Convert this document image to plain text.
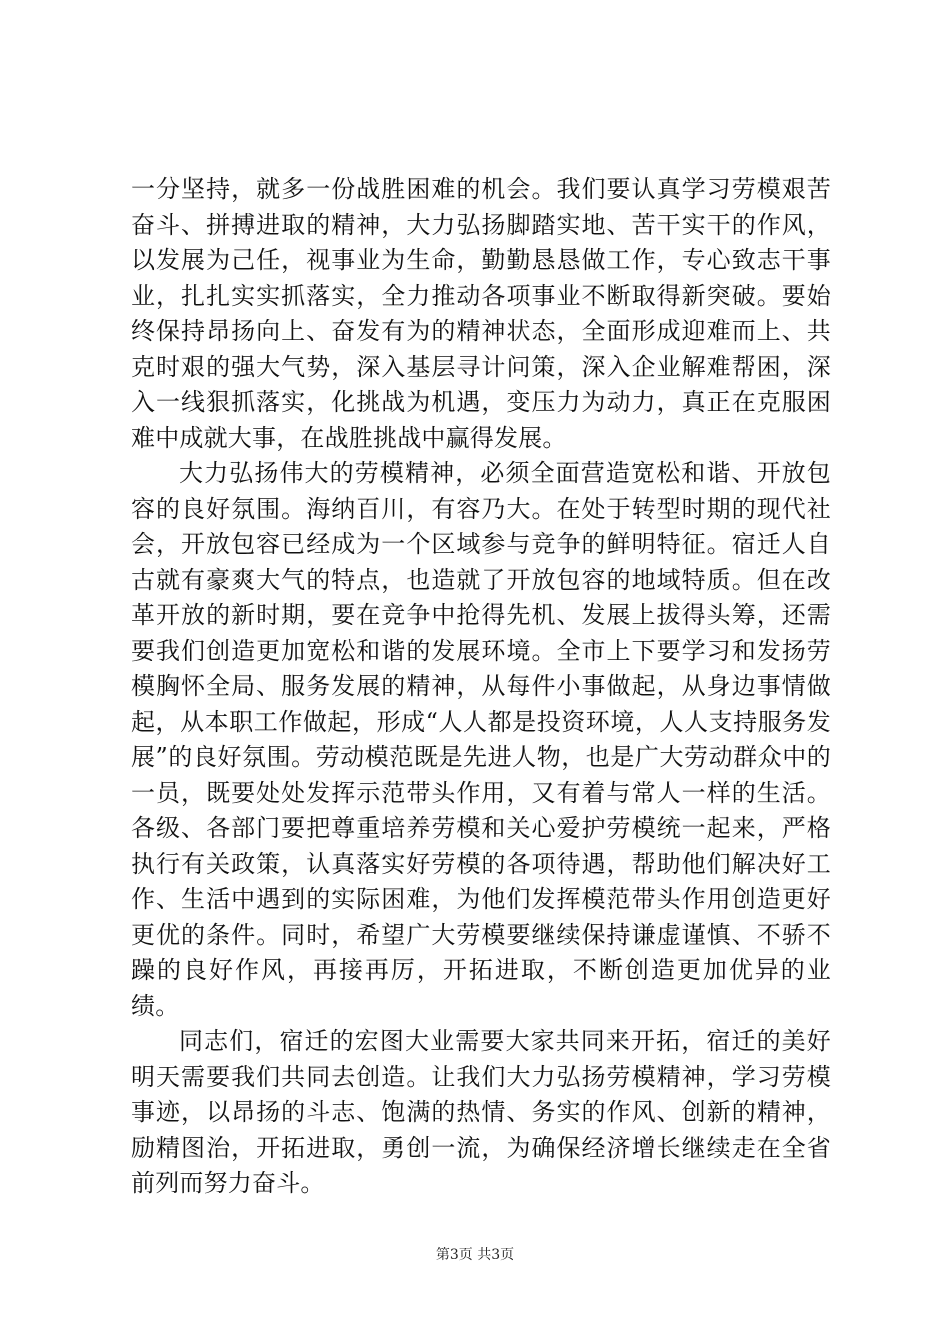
一分坚持，就多一份战胜困难的机会。我们要认真学习劳模艰苦奋斗、拼搏进取的精神，大力弘扬脚踏实地、苦干实干的作风，以发展为己任，视事业为生命，勤勤恳恳做工作，专心致志干事业，扎扎实实抓落实，全力推动各项事业不断取得新突破。要始终保持昂扬向上、奋发有为的精神状态，全面形成迎难而上、共克时艰的强大气势，深入基层寻计问策，深入企业解难帮困，深入一线狠抓落实，化挑战为机遇，变压力为动力，真正在克服困难中成就大事，在战胜挑战中赢得发展。

大力弘扬伟大的劳模精神，必须全面营造宽松和谐、开放包容的良好氛围。海纳百川，有容乃大。在处于转型时期的现代社会，开放包容已经成为一个区域参与竞争的鲜明特征。宿迁人自古就有豪爽大气的特点，也造就了开放包容的地域特质。但在改革开放的新时期，要在竞争中抢得先机、发展上拔得头筹，还需要我们创造更加宽松和谐的发展环境。全市上下要学习和发扬劳模胸怀全局、服务发展的精神，从每件小事做起，从身边事情做起，从本职工作做起，形成“人人都是投资环境，人人支持服务发展”的良好氛围。劳动模范既是先进人物，也是广大劳动群众中的一员，既要处处发挥示范带头作用，又有着与常人一样的生活。各级、各部门要把尊重培养劳模和关心爱护劳模统一起来，严格执行有关政策，认真落实好劳模的各项待遇，帮助他们解决好工作、生活中遇到的实际困难，为他们发挥模范带头作用创造更好更优的条件。同时，希望广大劳模要继续保持谦虚谨慎、不骄不躁的良好作风，再接再厉，开拓进取，不断创造更加优异的业绩。

同志们，宿迁的宏图大业需要大家共同来开拓，宿迁的美好明天需要我们共同去创造。让我们大力弘扬劳模精神，学习劳模事迹，以昂扬的斗志、饱满的热情、务实的作风、创新的精神，励精图治，开拓进取，勇创一流，为确保经济增长继续走在全省前列而努力奋斗。

第3页 共3页
